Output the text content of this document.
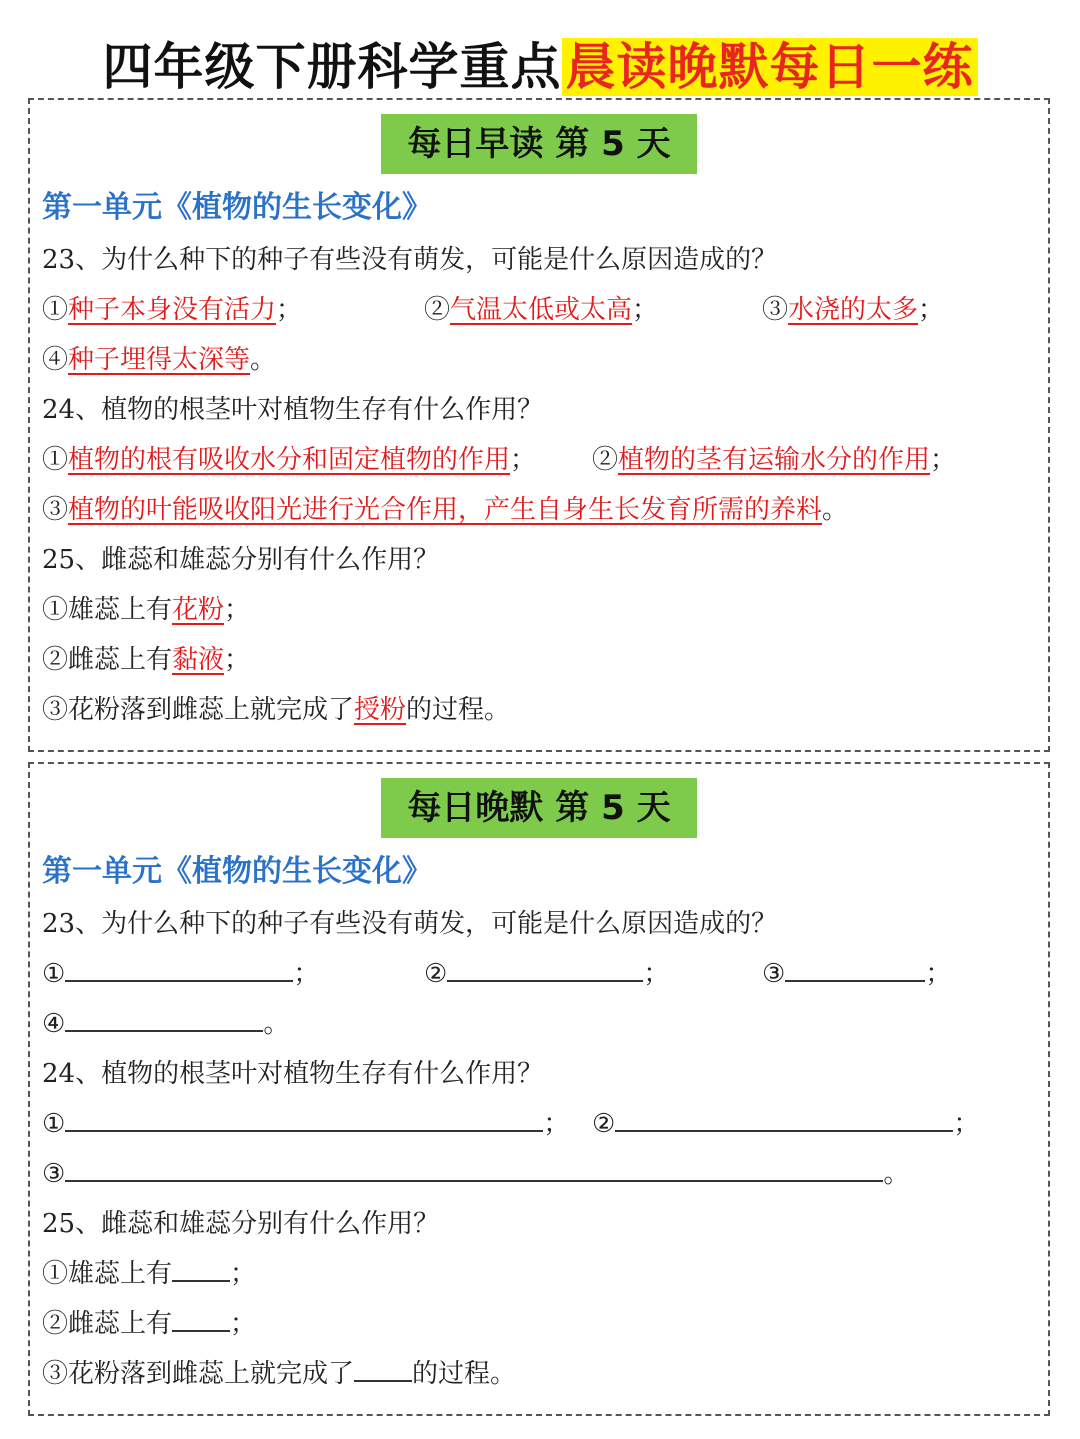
四年级下册科学重点晨读晚默每日一练
每日早读 第 5 天
第一单元《植物的生长变化》
23、为什么种下的种子有些没有萌发，可能是什么原因造成的？
①种子本身没有活力；	②气温太低或太高；	③水浇的太多；
④种子埋得太深等。
24、植物的根茎叶对植物生存有什么作用？
①植物的根有吸收水分和固定植物的作用； ②植物的茎有运输水分的作用；
③植物的叶能吸收阳光进行光合作用，产生自身生长发育所需的养料。
25、雌蕊和雄蕊分别有什么作用？
①雄蕊上有花粉；
②雌蕊上有黏液；
③花粉落到雌蕊上就完成了授粉的过程。
每日晚默 第 5 天
第一单元《植物的生长变化》
23、为什么种下的种子有些没有萌发，可能是什么原因造成的？
①	；	②	；	③	；
④	。
24、植物的根茎叶对植物生存有什么作用？
①	； ②	；
③	。
25、雌蕊和雄蕊分别有什么作用？
①雄蕊上有 ；
②雌蕊上有 ；
③花粉落到雌蕊上就完成了 的过程。
